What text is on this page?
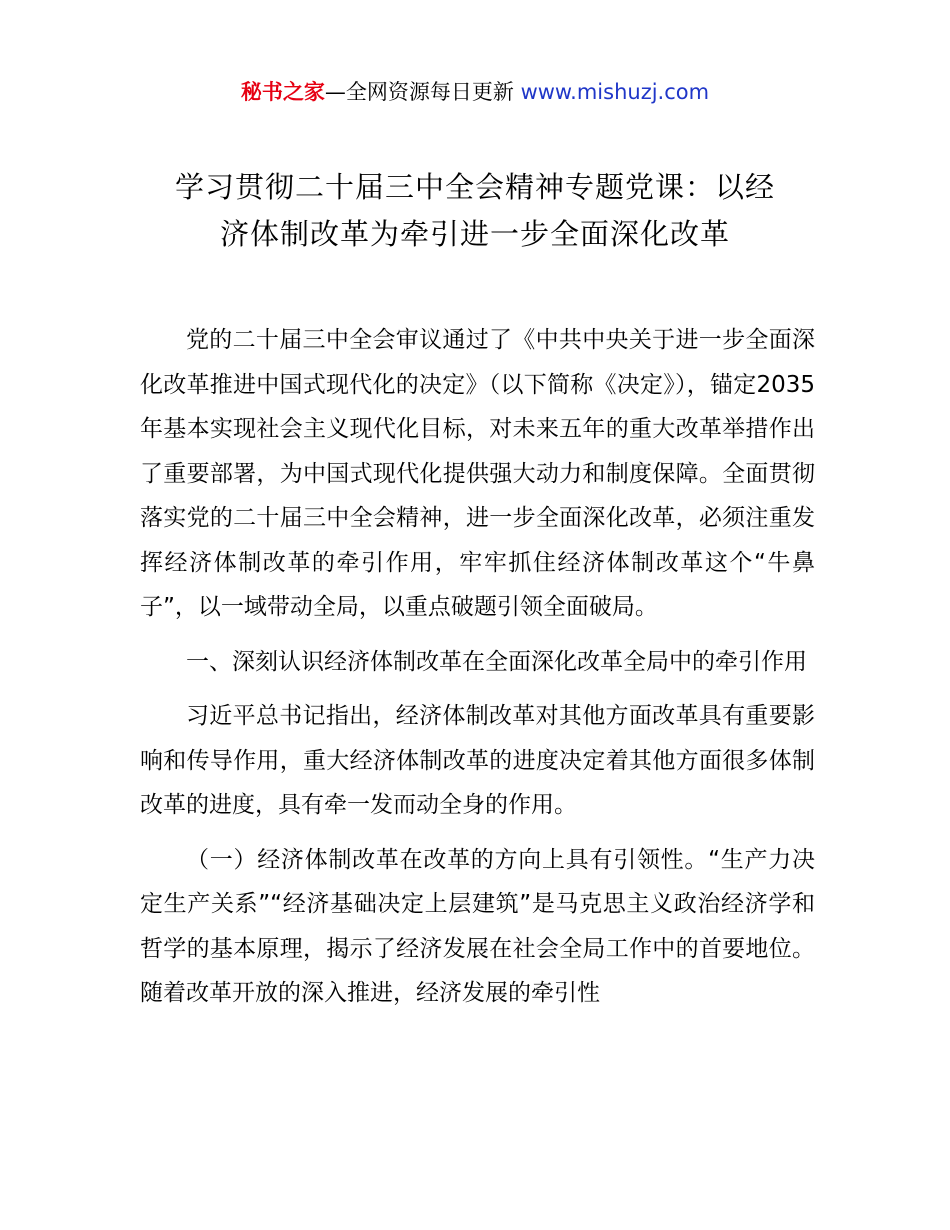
秘书之家—全网资源每日更新 www.mishuzj.com
学习贯彻二十届三中全会精神专题党课：以经
济体制改革为牵引进一步全面深化改革

党的二十届三中全会审议通过了《中共中央关于进一步全面深化改革推进中国式现代化的决定》（以下简称《决定》），锚定2035年基本实现社会主义现代化目标，对未来五年的重大改革举措作出了重要部署，为中国式现代化提供强大动力和制度保障。全面贯彻落实党的二十届三中全会精神，进一步全面深化改革，必须注重发挥经济体制改革的牵引作用，牢牢抓住经济体制改革这个“牛鼻子”，以一域带动全局，以重点破题引领全面破局。

一、深刻认识经济体制改革在全面深化改革全局中的牵引作用

习近平总书记指出，经济体制改革对其他方面改革具有重要影响和传导作用，重大经济体制改革的进度决定着其他方面很多体制改革的进度，具有牵一发而动全身的作用。

（一）经济体制改革在改革的方向上具有引领性。“生产力决定生产关系”“经济基础决定上层建筑”是马克思主义政治经济学和哲学的基本原理，揭示了经济发展在社会全局工作中的首要地位。随着改革开放的深入推进，经济发展的牵引性
